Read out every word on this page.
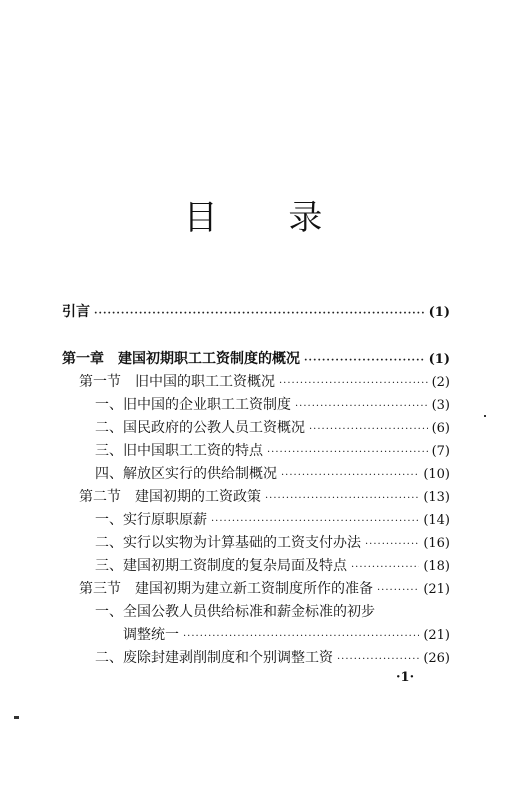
目 录
引言 ·····	(1)
第一章　建国初期职工工资制度的概况 ·····	(1)
第一节　旧中国的职工工资概况 ·····	(2)
一、旧中国的企业职工工资制度 ·····	(3)
二、国民政府的公教人员工资概况 ·····	(6)
三、旧中国职工工资的特点 ·····	(7)
四、解放区实行的供给制概况 ·····	(10)
第二节　建国初期的工资政策 ·····	(13)
一、实行原职原薪 ·····	(14)
二、实行以实物为计算基础的工资支付办法 ·····	(16)
三、建国初期工资制度的复杂局面及特点 ·····	(18)
第三节　建国初期为建立新工资制度所作的准备 ·····	(21)
一、全国公教人员供给标准和薪金标准的初步
调整统一 ·····	(21)
二、废除封建剥削制度和个别调整工资 ·····	(26)
·1·
